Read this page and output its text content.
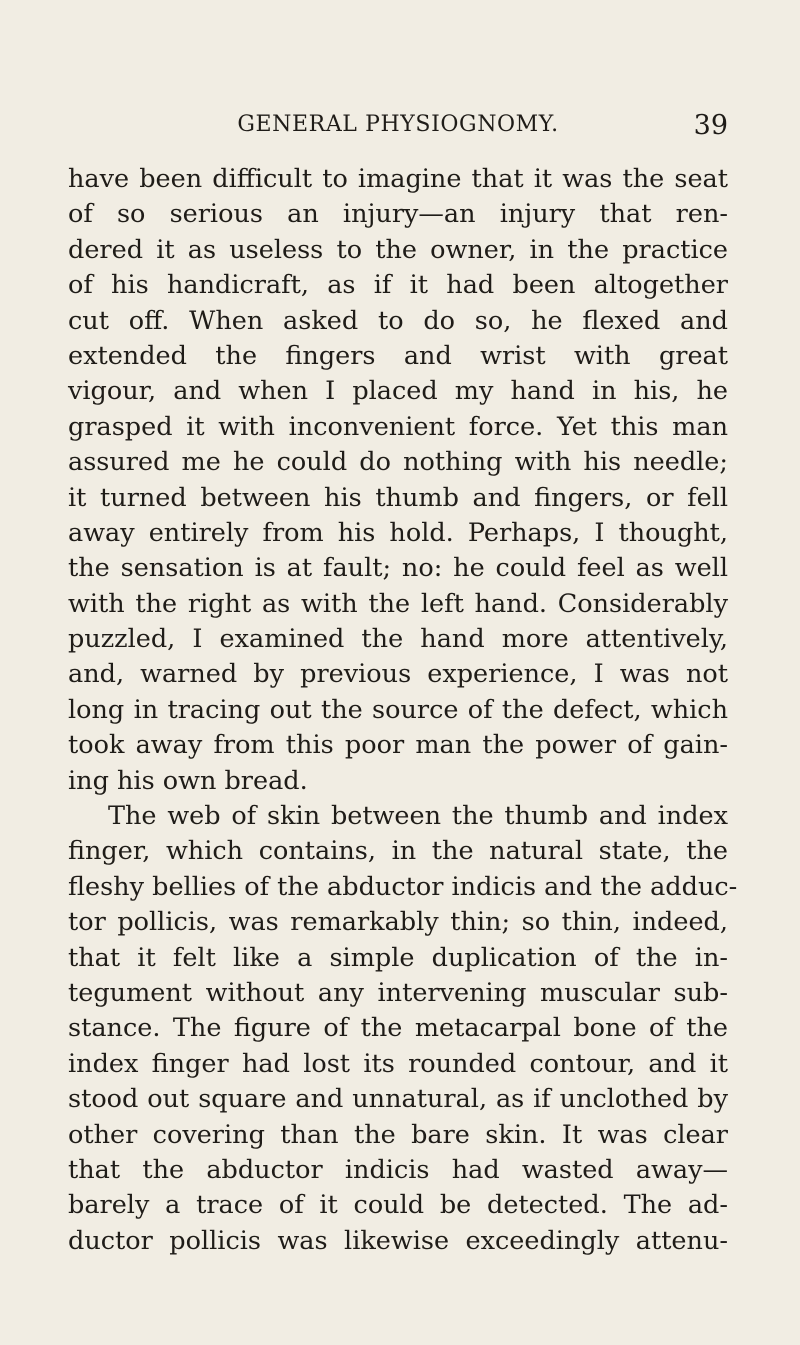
GENERAL PHYSIOGNOMY.	39
have been difficult to imagine that it was the seat
of so serious an injury—an injury that ren-
dered it as useless to the owner, in the practice
of his handicraft, as if it had been altogether
cut off. When asked to do so, he flexed and
extended the fingers and wrist with great
vigour, and when I placed my hand in his, he
grasped it with inconvenient force. Yet this man
assured me he could do nothing with his needle;
it turned between his thumb and fingers, or fell
away entirely from his hold. Perhaps, I thought,
the sensation is at fault; no: he could feel as well
with the right as with the left hand. Considerably
puzzled, I examined the hand more attentively,
and, warned by previous experience, I was not
long in tracing out the source of the defect, which
took away from this poor man the power of gain-
ing his own bread.
The web of skin between the thumb and index
finger, which contains, in the natural state, the
fleshy bellies of the abductor indicis and the adduc-
tor pollicis, was remarkably thin; so thin, indeed,
that it felt like a simple duplication of the in-
tegument without any intervening muscular sub-
stance. The figure of the metacarpal bone of the
index finger had lost its rounded contour, and it
stood out square and unnatural, as if unclothed by
other covering than the bare skin. It was clear
that the abductor indicis had wasted away—
barely a trace of it could be detected. The ad-
ductor pollicis was likewise exceedingly attenu-
